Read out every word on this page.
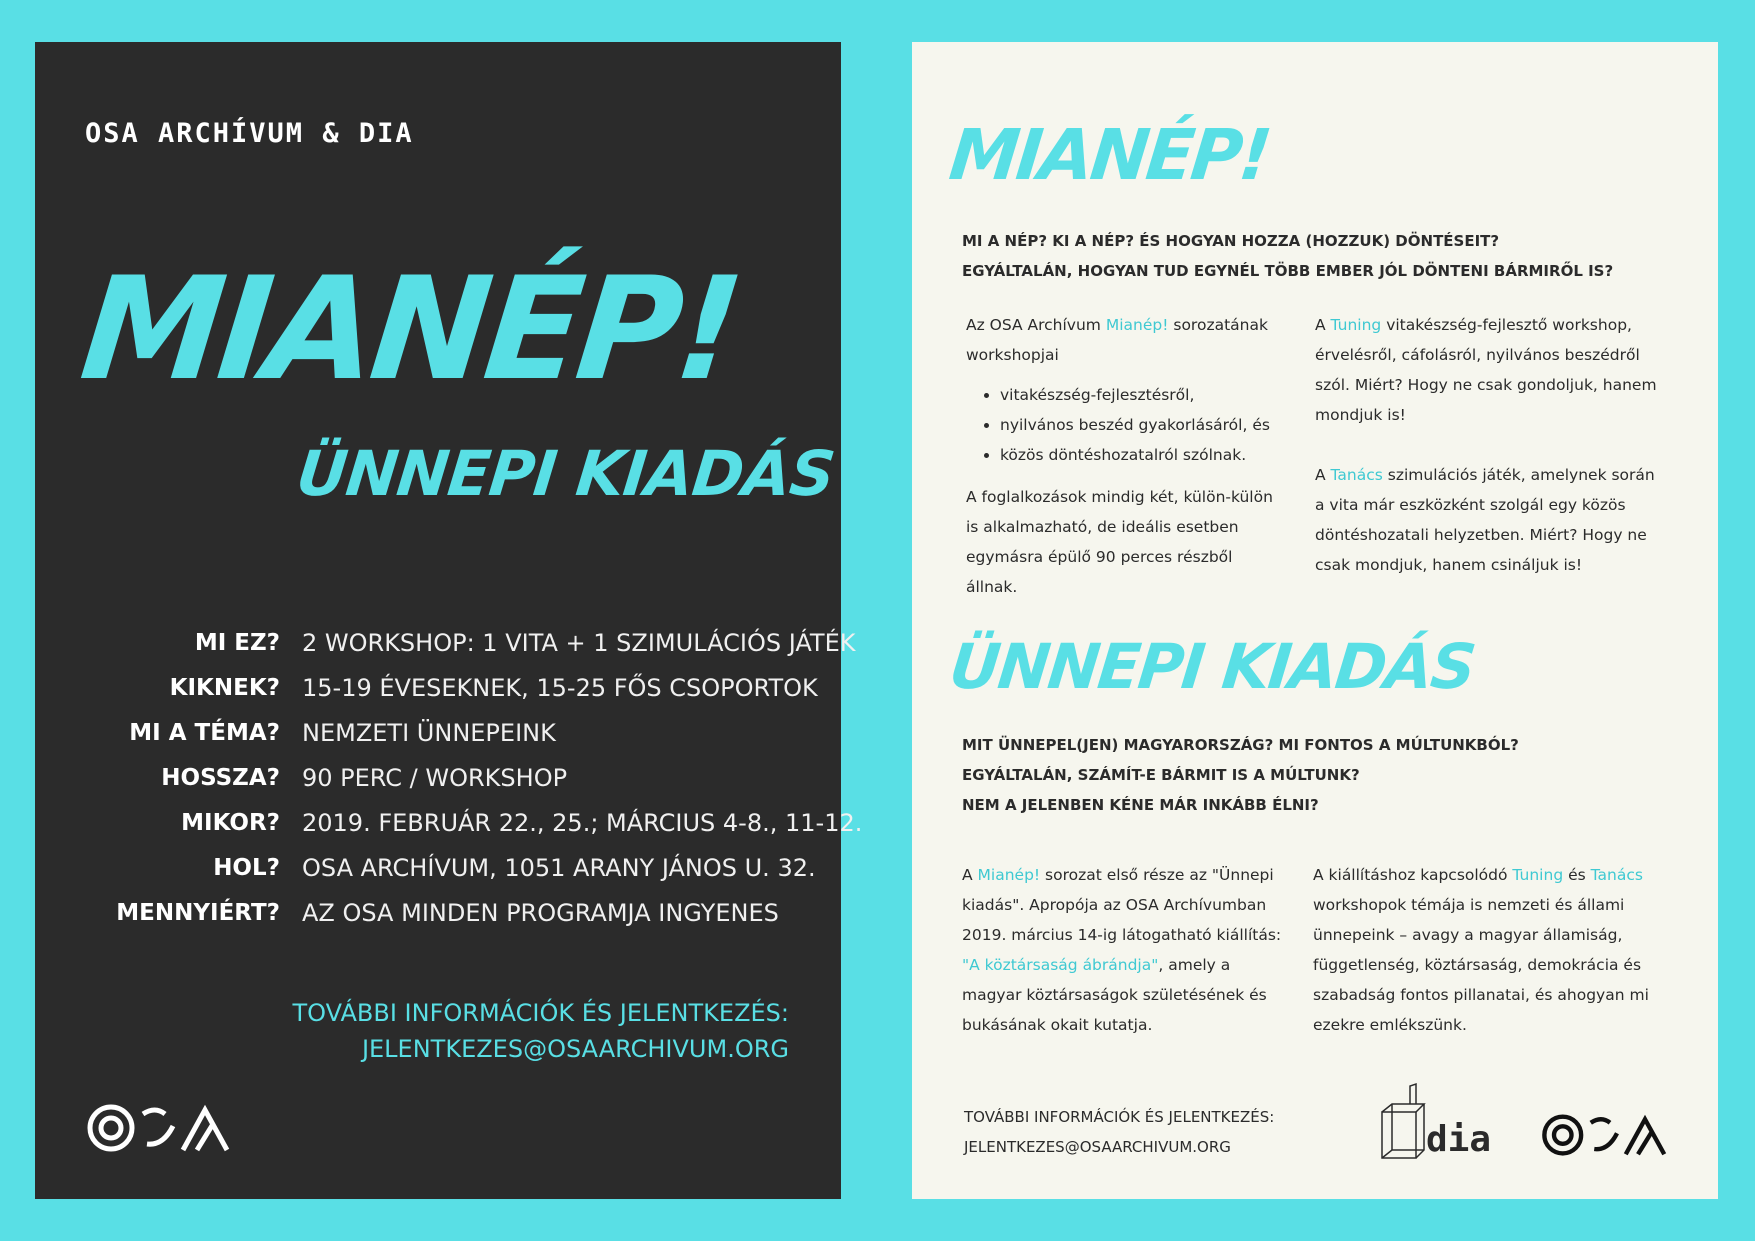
OSA ARCHÍVUM & DIA
MIANÉP!
ÜNNEPI KIADÁS
MI EZ? 2 WORKSHOP: 1 VITA + 1 SZIMULÁCIÓS JÁTÉK
KIKNEK? 15-19 ÉVESEKNEK, 15-25 FŐS CSOPORTOK
MI A TÉMA? NEMZETI ÜNNEPEINK
HOSSZA? 90 PERC / WORKSHOP
MIKOR? 2019. FEBRUÁR 22., 25.; MÁRCIUS 4-8., 11-12.
HOL? OSA ARCHÍVUM, 1051 ARANY JÁNOS U. 32.
MENNYIÉRT? AZ OSA MINDEN PROGRAMJA INGYENES
TOVÁBBI INFORMÁCIÓK ÉS JELENTKEZÉS:
JELENTKEZES@OSAARCHIVUM.ORG
MIANÉP!
MI A NÉP? KI A NÉP? ÉS HOGYAN HOZZA (HOZZUK) DÖNTÉSEIT?
EGYÁLTALÁN, HOGYAN TUD EGYNÉL TÖBB EMBER JÓL DÖNTENI BÁRMIRŐL IS?

Az OSA Archívum Mianép! sorozatának workshopjai

• vitakészség-fejlesztésről,
• nyilvános beszéd gyakorlásáról, és
• közös döntéshozatalról szólnak.

A foglalkozások mindig két, külön-külön is alkalmazható, de ideális esetben egymásra épülő 90 perces részből állnak.

A Tuning vitakészség-fejlesztő workshop, érvelésről, cáfolásról, nyilvános beszédről szól. Miért? Hogy ne csak gondoljuk, hanem mondjuk is!

A Tanács szimulációs játék, amelynek során a vita már eszközként szolgál egy közös döntéshozatali helyzetben. Miért? Hogy ne csak mondjuk, hanem csináljuk is!

ÜNNEPI KIADÁS
MIT ÜNNEPEL(JEN) MAGYARORSZÁG? MI FONTOS A MÚLTUNKBÓL?
EGYÁLTALÁN, SZÁMÍT-E BÁRMIT IS A MÚLTUNK?
NEM A JELENBEN KÉNE MÁR INKÁBB ÉLNI?

A Mianép! sorozat első része az "Ünnepi kiadás". Apropója az OSA Archívumban 2019. március 14-ig látogatható kiállítás: "A köztársaság ábrándja", amely a magyar köztársaságok születésének és bukásának okait kutatja.

A kiállításhoz kapcsolódó Tuning és Tanács workshopok témája is nemzeti és állami ünnepeink – avagy a magyar államiság, függetlenség, köztársaság, demokrácia és szabadság fontos pillanatai, és ahogyan mi ezekre emlékszünk.

TOVÁBBI INFORMÁCIÓK ÉS JELENTKEZÉS:
JELENTKEZES@OSAARCHIVUM.ORG	dia
